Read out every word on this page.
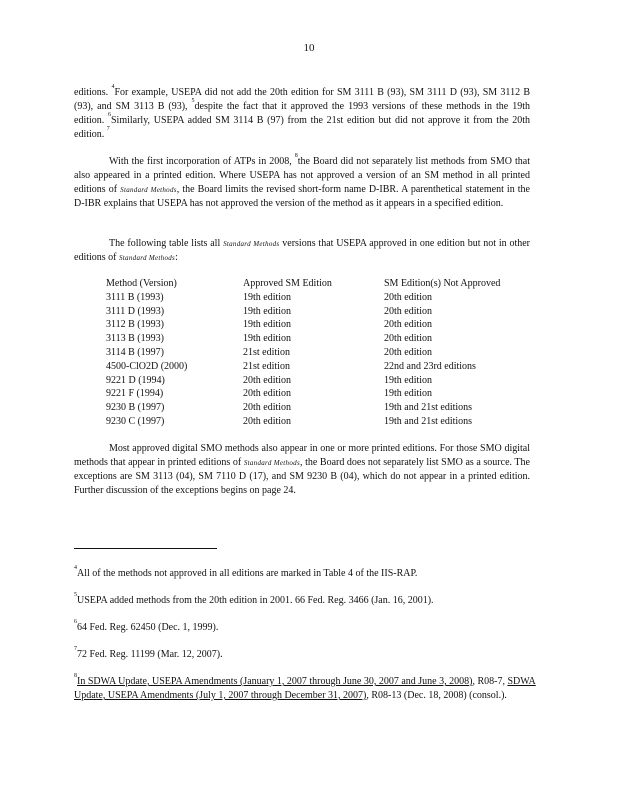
10
editions. $^4$For example, USEPA did not add the 20th edition for SM 3111 B (93), SM 3111 D (93), SM 3112 B (93), and SM 3113 B (93), $^5$despite the fact that it approved the 1993 versions of these methods in the 19th edition. $^6$Similarly, USEPA added SM 3114 B (97) from the 21st edition but did not approve it from the 20th edition. $^7$
With the first incorporation of ATPs in 2008, $^8$the Board did not separately list methods from SMO that also appeared in a printed edition. Where USEPA has not approved a version of an SM method in all printed editions of Standard Methods, the Board limits the revised short-form name D-IBR. A parenthetical statement in the D-IBR explains that USEPA has not approved the version of the method as it appears in a specified edition.
The following table lists all Standard Methods versions that USEPA approved in one edition but not in other editions of Standard Methods:
Method (Version)	Approved SM Edition	SM Edition(s) Not Approved
3111 B (1993)	19th edition	20th edition
3111 D (1993)	19th edition	20th edition
3112 B (1993)	19th edition	20th edition
3113 B (1993)	19th edition	20th edition
3114 B (1997)	21st edition	20th edition
4500-ClO2D (2000)	21st edition	22nd and 23rd editions
9221 D (1994)	20th edition	19th edition
9221 F (1994)	20th edition	19th edition
9230 B (1997)	20th edition	19th and 21st editions
9230 C (1997)	20th edition	19th and 21st editions
Most approved digital SMO methods also appear in one or more printed editions. For those SMO digital methods that appear in printed editions of Standard Methods, the Board does not separately list SMO as a source. The exceptions are SM 3113 (04), SM 7110 D (17), and SM 9230 B (04), which do not appear in a printed edition. Further discussion of the exceptions begins on page 24.
$^4$All of the methods not approved in all editions are marked in Table 4 of the IIS-RAP.
$^5$USEPA added methods from the 20th edition in 2001. 66 Fed. Reg. 3466 (Jan. 16, 2001).
$^6$64 Fed. Reg. 62450 (Dec. 1, 1999).
$^7$72 Fed. Reg. 11199 (Mar. 12, 2007).
$^8$In SDWA Update, USEPA Amendments (January 1, 2007 through June 30, 2007 and June 3, 2008), R08-7, SDWA Update, USEPA Amendments (July 1, 2007 through December 31, 2007), R08-13 (Dec. 18, 2008) (consol.).
